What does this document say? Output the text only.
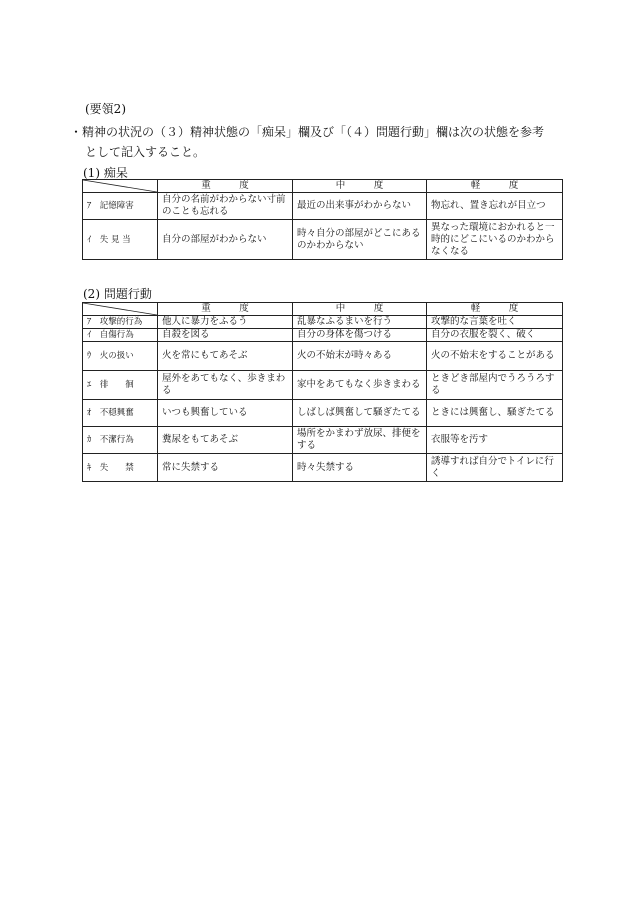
(要領2)
・精神の状況の（３）精神状態の「痴呆」欄及び「（４）問題行動」欄は次の状態を参考
として記入すること。
(1) 痴呆
	重　　　度	中　　　度	軽　　　度
ｱ　記憶障害	自分の名前がわからない寸前のことも忘れる	最近の出来事がわからない	物忘れ、置き忘れが目立つ
ｲ　失 見 当	自分の部屋がわからない	時々自分の部屋がどこにあるのかわからない	異なった環境におかれると一時的にどこにいるのかわからなくなる
(2) 問題行動
	重　　　度	中　　　度	軽　　　度
ｱ　攻撃的行為	他人に暴力をふるう	乱暴なふるまいを行う	攻撃的な言葉を吐く
ｲ　自傷行為	自殺を図る	自分の身体を傷つける	自分の衣服を裂く、破く
ｳ　火の扱い	火を常にもてあそぶ	火の不始末が時々ある	火の不始末をすることがある
ｴ　徘　　徊	屋外をあてもなく、歩きまわる	家中をあてもなく歩きまわる	ときどき部屋内でうろうろする
ｵ　不穏興奮	いつも興奮している	しばしば興奮して騒ぎたてる	ときには興奮し、騒ぎたてる
ｶ　不潔行為	糞尿をもてあそぶ	場所をかまわず放尿、排便をする	衣服等を汚す
ｷ　失　　禁	常に失禁する	時々失禁する	誘導すれば自分でトイレに行く
